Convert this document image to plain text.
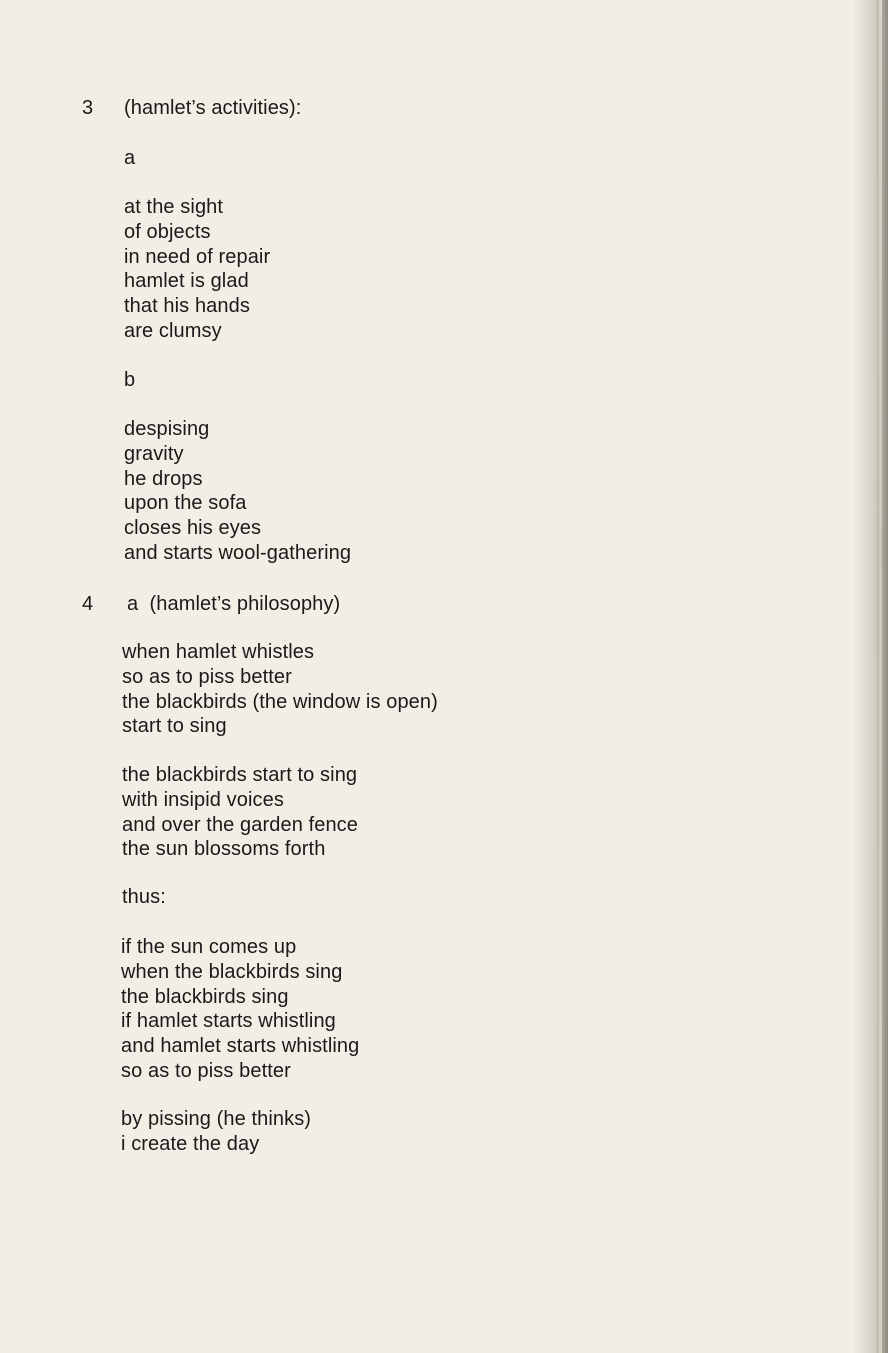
3 (hamlet’s activities):
a
at the sight
of objects
in need of repair
hamlet is glad
that his hands
are clumsy
b
despising
gravity
he drops
upon the sofa
closes his eyes
and starts wool-gathering
4 a  (hamlet’s philosophy)
when hamlet whistles
so as to piss better
the blackbirds (the window is open)
start to sing
the blackbirds start to sing
with insipid voices
and over the garden fence
the sun blossoms forth
thus:
if the sun comes up
when the blackbirds sing
the blackbirds sing
if hamlet starts whistling
and hamlet starts whistling
so as to piss better
by pissing (he thinks)
i create the day
